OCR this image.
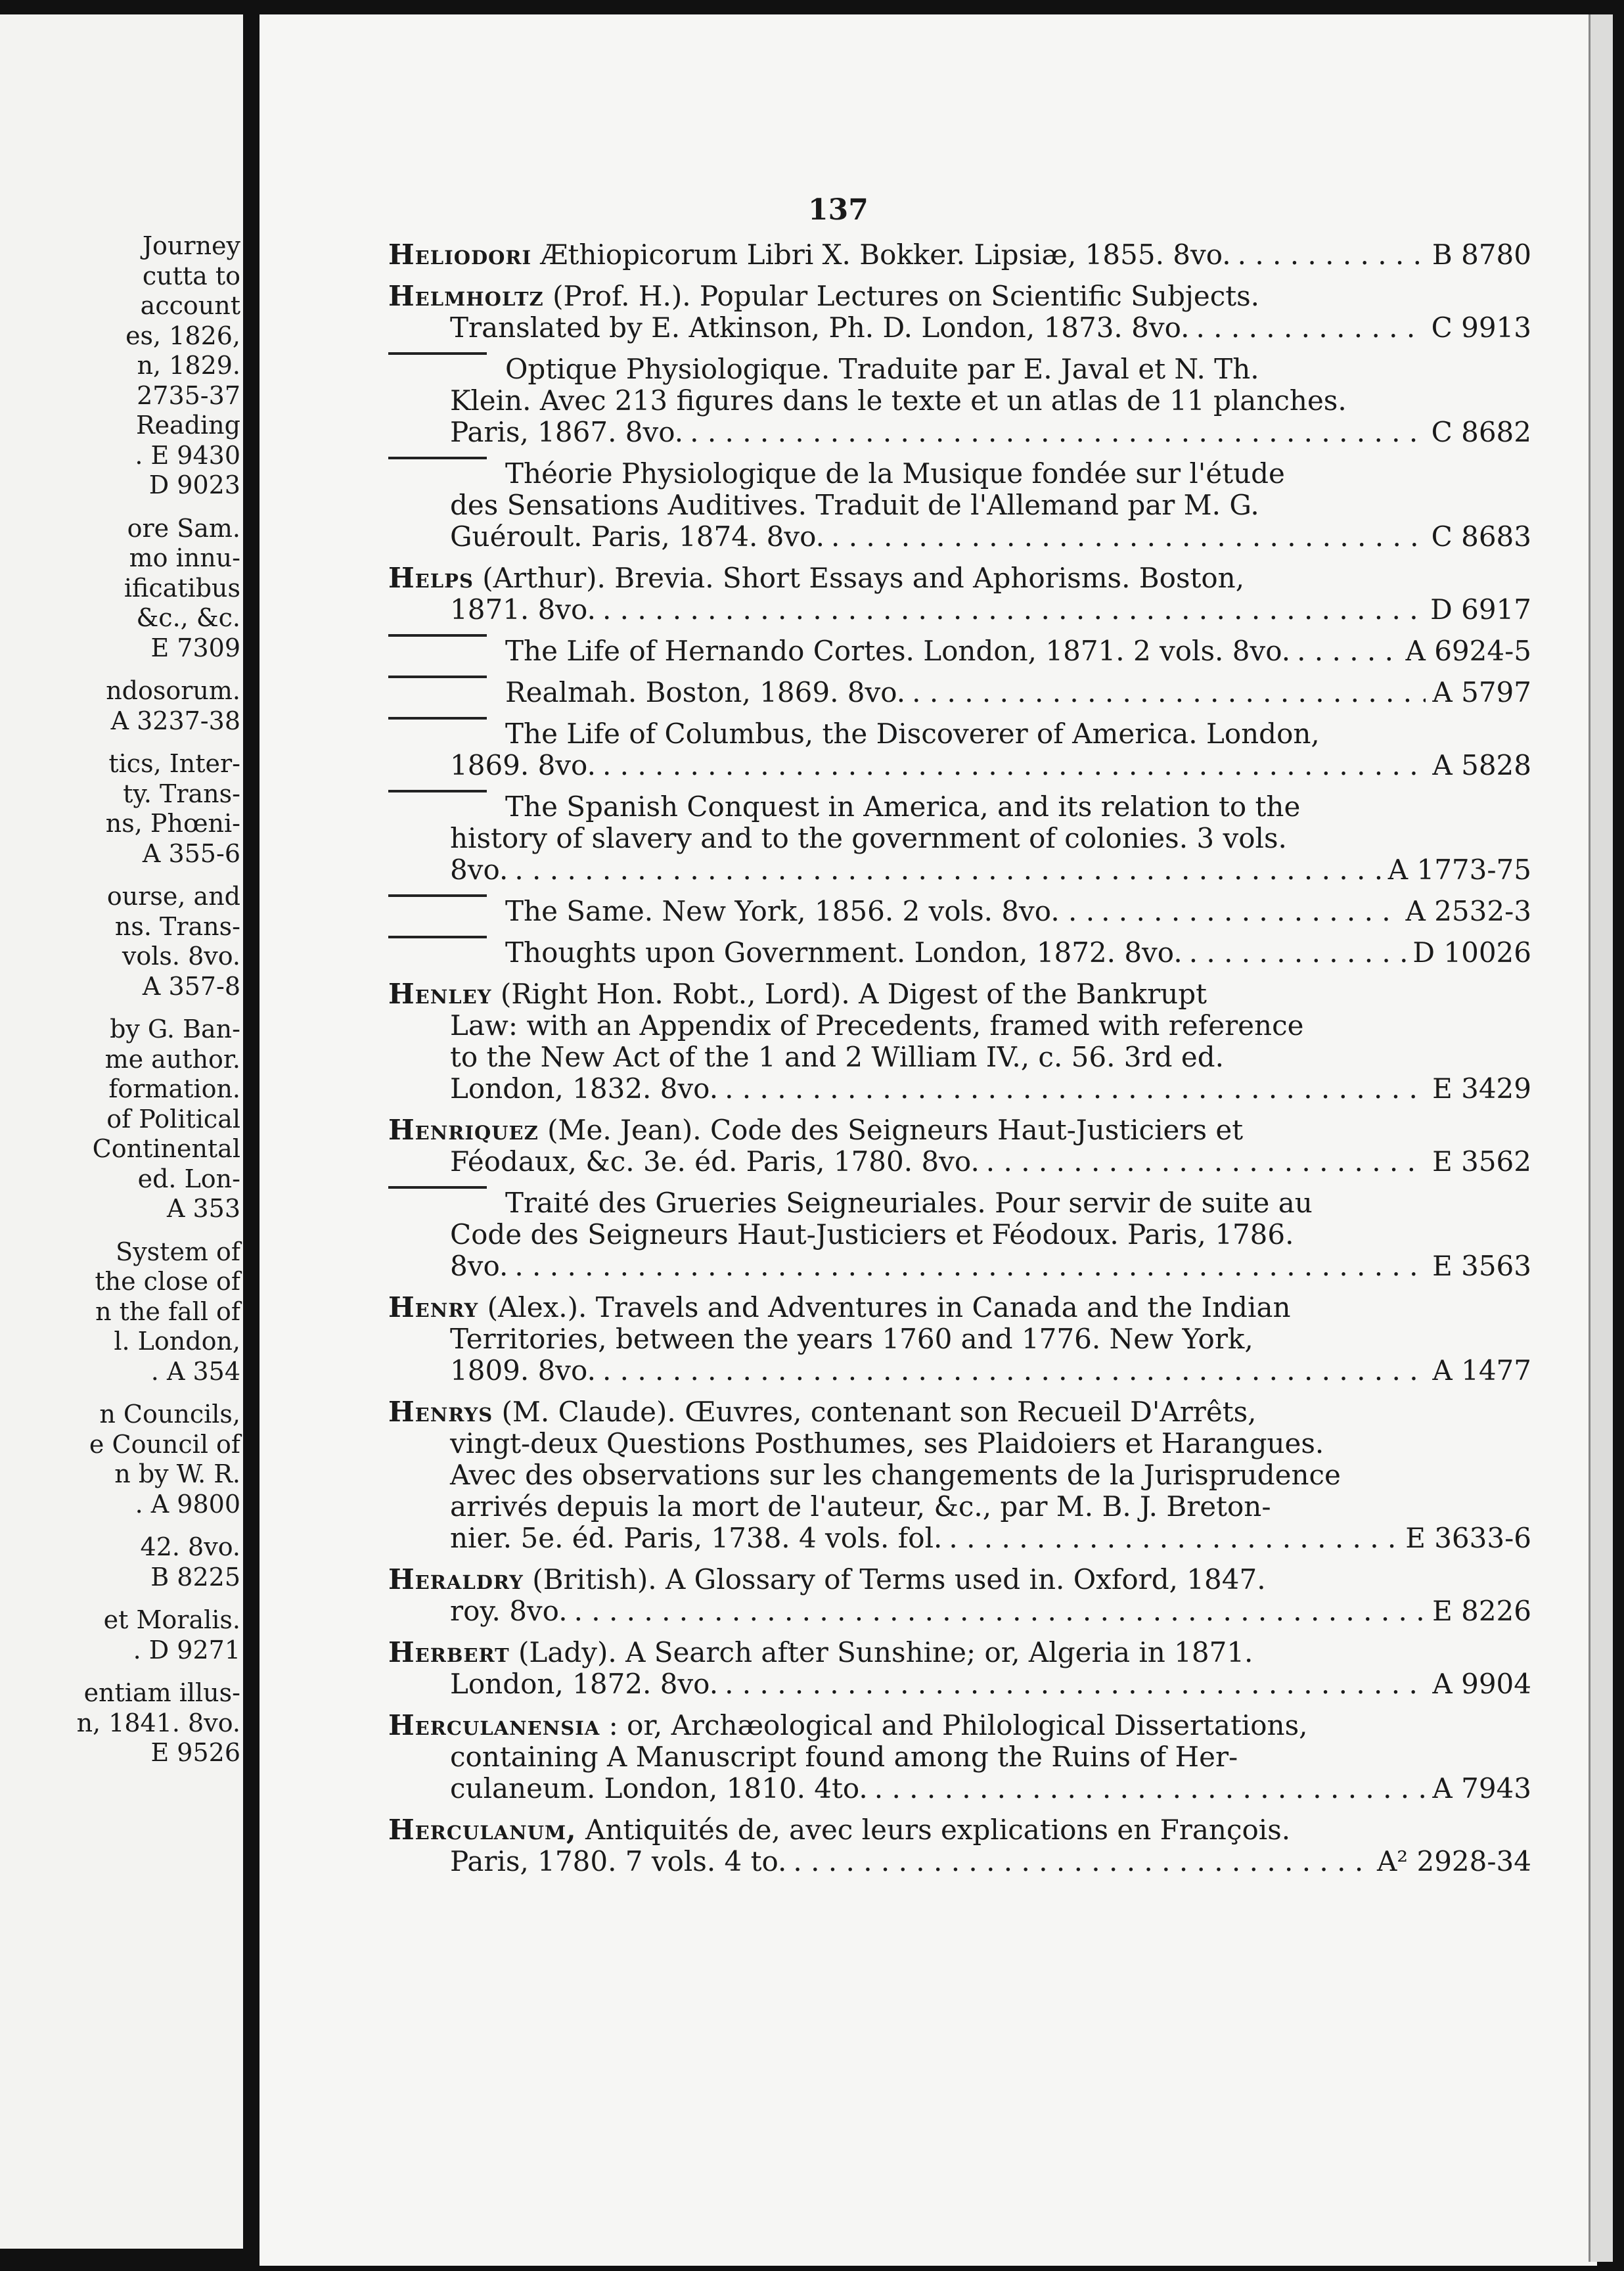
Journey
cutta to
account
es, 1826,
n, 1829.
2735-37
Reading
. E 9430
D 9023
ore Sam.
mo innu-
ificatibus
&c., &c.
E 7309
ndosorum.
A 3237-38
tics, Inter-
ty. Trans-
ns, Phœni-
A 355-6
ourse, and
ns. Trans-
vols. 8vo.
A 357-8
by G. Ban-
me author.
formation.
of Political
Continental
ed. Lon-
A 353
System of
the close of
n the fall of
l. London,
. A 354
n Councils,
e Council of
n by W. R.
. A 9800
42. 8vo.
B 8225
et Moralis.
. D 9271
entiam illus-
n, 1841. 8vo.
E 9526
137
Heliodori
Æthiopicorum Libri X. Bokker. Lipsiæ, 1855. 8vo. . . .	B 8780
Helmholtz
(Prof. H.). Popular Lectures on Scientific Subjects.
Translated by E. Atkinson, Ph. D. London, 1873. 8vo. . . .	C 9913
Optique Physiologique. Traduite par E. Javal et N. Th.
Klein. Avec 213 figures dans le texte et un atlas de 11 planches.
Paris, 1867. 8vo. . . .	C 8682
Théorie Physiologique de la Musique fondée sur l'étude
des Sensations Auditives. Traduit de l'Allemand par M. G.
Guéroult. Paris, 1874. 8vo. . . .	C 8683
Helps
(Arthur). Brevia. Short Essays and Aphorisms. Boston,
1871. 8vo. . . .	D 6917
The Life of Hernando Cortes. London, 1871. 2 vols. 8vo. . . .	A 6924-5
Realmah. Boston, 1869. 8vo. . . .	A 5797
The Life of Columbus, the Discoverer of America. London,
1869. 8vo. . . .	A 5828
The Spanish Conquest in America, and its relation to the
history of slavery and to the government of colonies. 3 vols.
8vo. . . .	A 1773-75
The Same. New York, 1856. 2 vols. 8vo. . . . . .	A 2532-3
Thoughts upon Government. London, 1872. 8vo. . . .	D 10026
Henley
(Right Hon. Robt., Lord). A Digest of the Bankrupt
Law: with an Appendix of Precedents, framed with reference
to the New Act of the 1 and 2 William IV., c. 56. 3rd ed.
London, 1832. 8vo. . . .	E 3429
Henriquez
(Me. Jean). Code des Seigneurs Haut-Justiciers et
Féodaux, &c. 3e. éd. Paris, 1780. 8vo. . . .	E 3562
Traité des Grueries Seigneuriales. Pour servir de suite au
Code des Seigneurs Haut-Justiciers et Féodoux. Paris, 1786.
8vo. . . .	E 3563
Henry
(Alex.). Travels and Adventures in Canada and the Indian
Territories, between the years 1760 and 1776. New York,
1809. 8vo. . . .	A 1477
Henrys
(M. Claude). Œuvres, contenant son Recueil D'Arrêts,
vingt-deux Questions Posthumes, ses Plaidoiers et Harangues.
Avec des observations sur les changements de la Jurisprudence
arrivés depuis la mort de l'auteur, &c., par M. B. J. Breton-
nier. 5e. éd. Paris, 1738. 4 vols. fol. . . .	E 3633-6
Heraldry
(British). A Glossary of Terms used in. Oxford, 1847.
roy. 8vo. . . .	E 8226
Herbert
(Lady). A Search after Sunshine; or, Algeria in 1871.
London, 1872. 8vo. . . .	A 9904
Herculanensia
: or, Archæological and Philological Dissertations,
containing A Manuscript found among the Ruins of Her-
culaneum. London, 1810. 4to. . . .	A 7943
Herculanum,
Antiquités de, avec leurs explications en François.
Paris, 1780. 7 vols. 4 to. . . .	A² 2928-34
